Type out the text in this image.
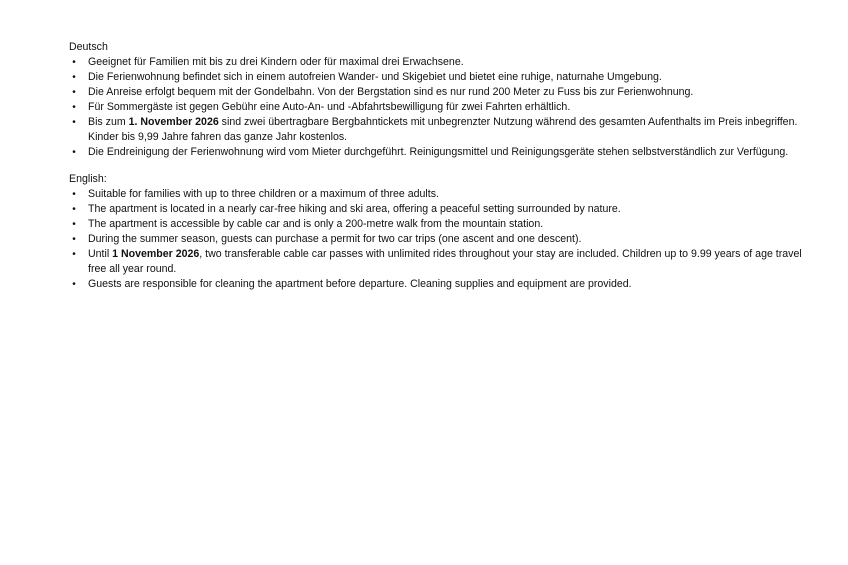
Deutsch
•	Geeignet für Familien mit bis zu drei Kindern oder für maximal drei Erwachsene.
•	Die Ferienwohnung befindet sich in einem autofreien Wander- und Skigebiet und bietet eine ruhige, naturnahe Umgebung.
•	Die Anreise erfolgt bequem mit der Gondelbahn. Von der Bergstation sind es nur rund 200 Meter zu Fuss bis zur Ferienwohnung.
•	Für Sommergäste ist gegen Gebühr eine Auto-An- und -Abfahrtsbewilligung für zwei Fahrten erhältlich.
•	Bis zum 1. November 2026 sind zwei übertragbare Bergbahntickets mit unbegrenzter Nutzung während des gesamten Aufenthalts im Preis inbegriffen.
Kinder bis 9,99 Jahre fahren das ganze Jahr kostenlos.
•	Die Endreinigung der Ferienwohnung wird vom Mieter durchgeführt. Reinigungsmittel und Reinigungsgeräte stehen selbstverständlich zur Verfügung.
English:
•	Suitable for families with up to three children or a maximum of three adults.
•	The apartment is located in a nearly car-free hiking and ski area, offering a peaceful setting surrounded by nature.
•	The apartment is accessible by cable car and is only a 200-metre walk from the mountain station.
•	During the summer season, guests can purchase a permit for two car trips (one ascent and one descent).
•	Until 1 November 2026, two transferable cable car passes with unlimited rides throughout your stay are included. Children up to 9.99 years of age travel
free all year round.
•	Guests are responsible for cleaning the apartment before departure. Cleaning supplies and equipment are provided.
